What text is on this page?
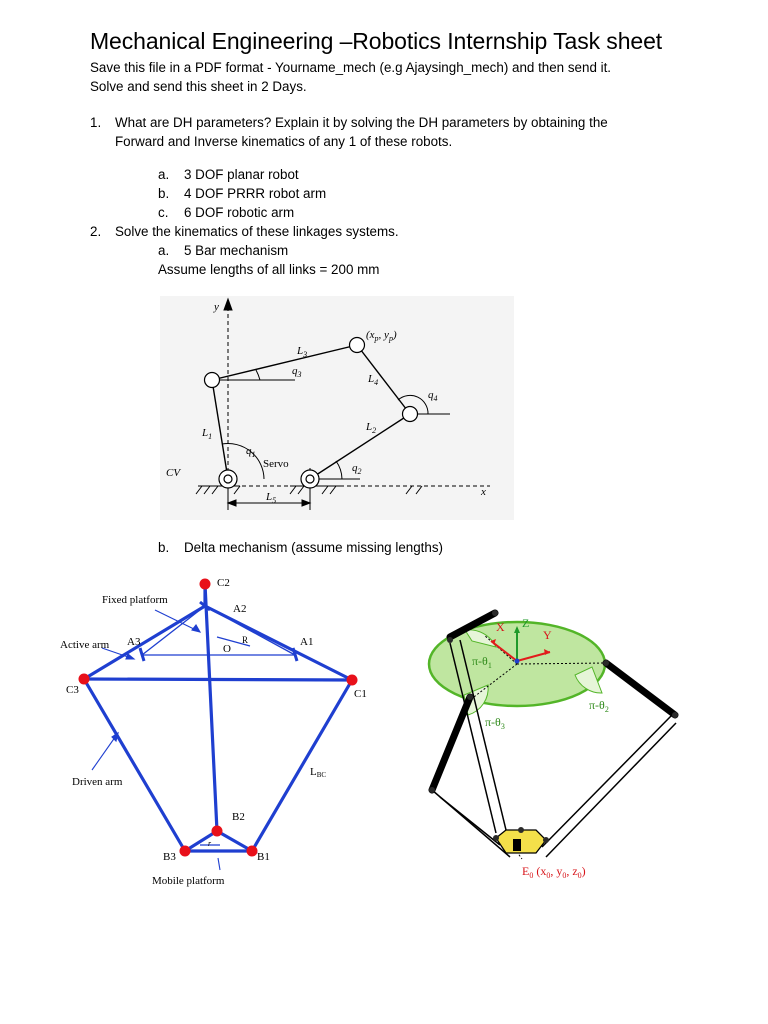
Mechanical Engineering –Robotics Internship Task sheet
Save this file in a PDF format - Yourname_mech (e.g Ajaysingh_mech) and then send it.
Solve and send this sheet in 2 Days.
1. What are DH parameters? Explain it by solving the DH parameters by obtaining the
Forward and Inverse kinematics of any 1 of these robots.
a. 3 DOF planar robot
b. 4 DOF PRRR robot arm
c. 6 DOF robotic arm
2. Solve the kinematics of these linkages systems.
a. 5 Bar mechanism
Assume lengths of all links = 200 mm
y
x
CV
Servo
$L_1$
$L_2$
$L_3$
$L_4$
$L_5$
$q_1$
$q_2$
$q_3$
$q_4$
($x_p$, $y_p$)
b. Delta mechanism (assume missing lengths)
Fixed platform
Active arm
Driven arm
Mobile platform
C2
C3	C1
A2
A3	A1
B2
B3	B1
O
R
r
LBC
X Z
Y
$\pi-\theta_1$
$\pi-\theta_2$
$\pi-\theta_3$
$E_0$ ($x_0$, $y_0$, $z_0$)
